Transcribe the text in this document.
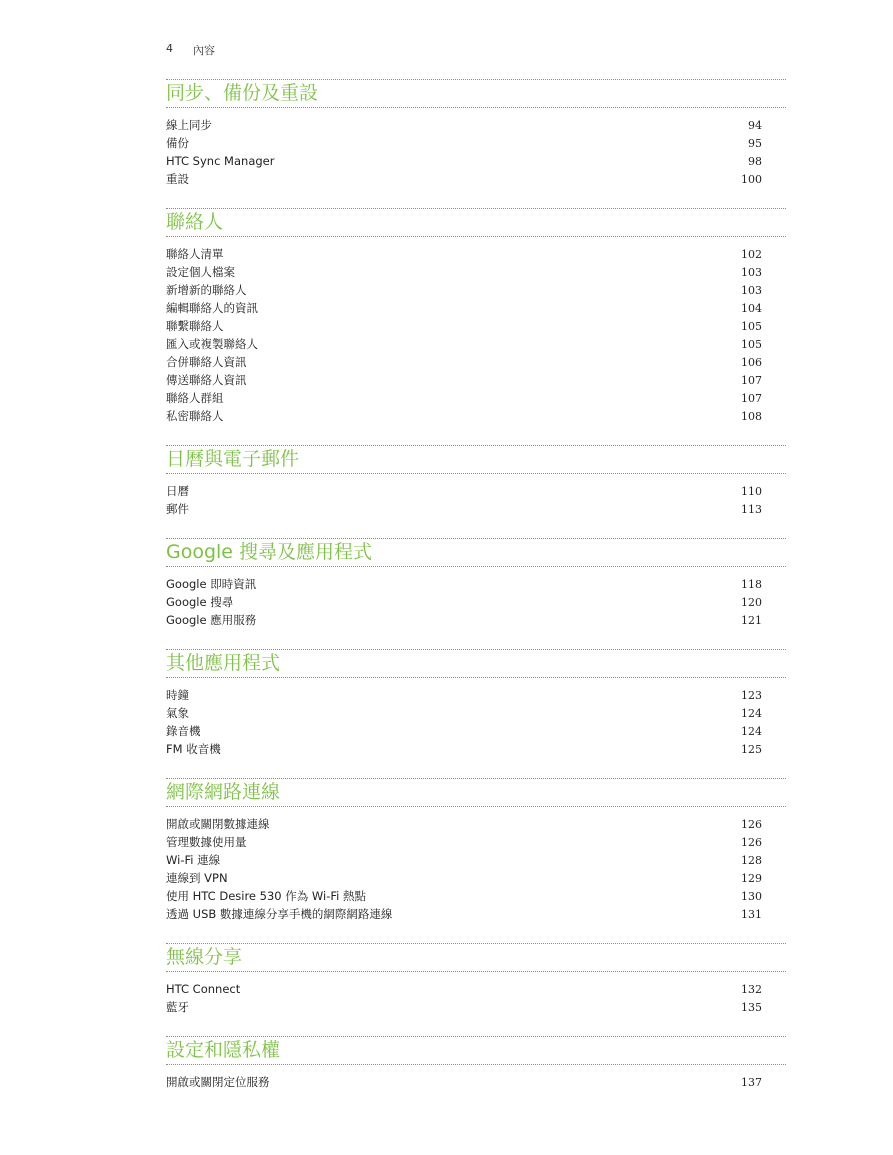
4 內容
同步、備份及重設
線上同步	94
備份	95
HTC Sync Manager	98
重設	100
聯絡人
聯絡人清單	102
設定個人檔案	103
新增新的聯絡人	103
編輯聯絡人的資訊	104
聯繫聯絡人	105
匯入或複製聯絡人	105
合併聯絡人資訊	106
傳送聯絡人資訊	107
聯絡人群組	107
私密聯絡人	108
日曆與電子郵件
日曆	110
郵件	113
Google 搜尋及應用程式
Google 即時資訊	118
Google 搜尋	120
Google 應用服務	121
其他應用程式
時鐘	123
氣象	124
錄音機	124
FM 收音機	125
網際網路連線
開啟或關閉數據連線	126
管理數據使用量	126
Wi-Fi 連線	128
連線到 VPN	129
使用 HTC Desire 530 作為 Wi-Fi 熱點	130
透過 USB 數據連線分享手機的網際網路連線	131
無線分享
HTC Connect	132
藍牙	135
設定和隱私權
開啟或關閉定位服務	137
